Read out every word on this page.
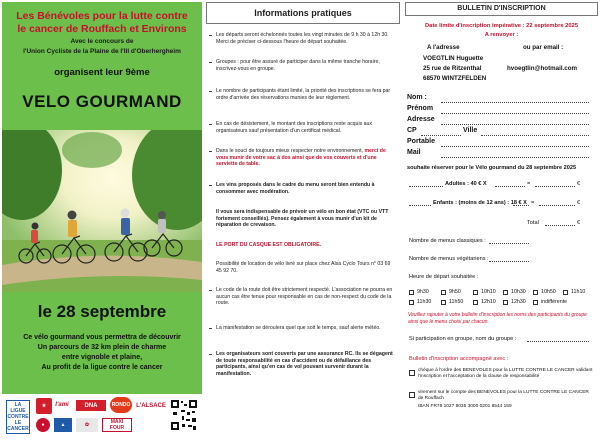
Les Bénévoles pour la lutte contre
le cancer de Rouffach et Environs
Avec le concours de
l'Union Cycliste de la Plaine de l'Ill d'Oberhergheim
organisent leur 9ème
VELO GOURMAND
le 28 septembre
Ce vélo gourmand vous permettra de découvrir
Un parcours de 32 km plein de charme
entre vignoble et plaine,
Au profit de la ligue contre le cancer
LA LIGUE CONTRE LE CANCER
★	l'ami	DNA	RONDO L'ALSACE
●	▲	✿	MAXI FOUR
Informations pratiques
Les départs seront échelonnés toutes les vingt minutes de 9 h 30 à 12h 30. Merci de préciser ci-dessous l'heure de départ souhaitée.
Groupes : pour être assuré de participer dans la même tranche horaire, inscrivez-vous en groupe.
Le nombre de participants étant limité, la priorité des inscriptions se fera par ordre d'arrivée des réservations munies de leur règlement.
En cas de désistement, le montant des inscriptions reste acquis aux organisateurs sauf présentation d'un certificat médical.
Dans le souci de toujours mieux respecter notre environnement, merci de vous munir de votre sac à dos ainsi que de vos couverts et d'une serviette de table.
Les vins proposés dans le cadre du menu seront bien entendu à consommer avec modération.
Il vous sera indispensable de prévoir un vélo en bon état (VTC ou VTT fortement conseillés). Pensez également à vous munir d'un kit de réparation de crevaison.
LE PORT DU CASQUE EST OBLIGATOIRE.
Possibilité de location de vélo livré sur place chez Alsa Cyclo Tours n° 03 69 45 92 70.
Le code de la route doit être strictement respecté. L'association ne pourra en aucun cas être tenue pour responsable en cas de non-respect du code de la route.
La manifestation se déroulera quel que soit le temps, sauf alerte météo.
Les organisateurs sont couverts par une assurance RC. Ils se dégagent de toute responsabilité en cas d'accident ou de défaillance des participants, ainsi qu'en cas de vol pouvant survenir durant la manifestation.
BULLETIN D'INSCRIPTION
Date limite d'inscription impérative : 22 septembre 2025
A renvoyer :
A l'adresse	ou par email :
VOEGTLIN Huguette
25 rue de Ritzenthal
68570 WINTZFELDEN
hvoegtlin@hotmail.com
Nom :
Prénom
Adresse
CP	Ville
Portable
Mail
souhaite réserver pour le Vélo gourmand du 28 septembre 2025
Adultes : 40 € X	=	€
Enfants : (moins de 12 ans) : 18 € X =	€
Total	€
Nombre de menus classiques :
Nombre de menus végétariens :
Heure de départ souhaitée :
9h30	9h50	10h10	10h30	10h50	11h10
11h30	11h50	12h10	12h30	indifférente
Veuillez rajouter à votre bulletin d'inscription les noms des participants du groupe ainsi que le menu choisi par chacun.
Si participation en groupe, nom du groupe :
Bulletin d'inscription accompagné avec :
chèque à l'ordre des BENEVOLES pour la LUTTE CONTRE LE CANCER validant l'inscription et l'acceptation de la clause de responsabilité
virement sur le compte des BENEVOLES pour la LUTTE CONTRE LE CANCER de Rouffach
IBAN FR76 1027 8035 3000 0201 8544 159
